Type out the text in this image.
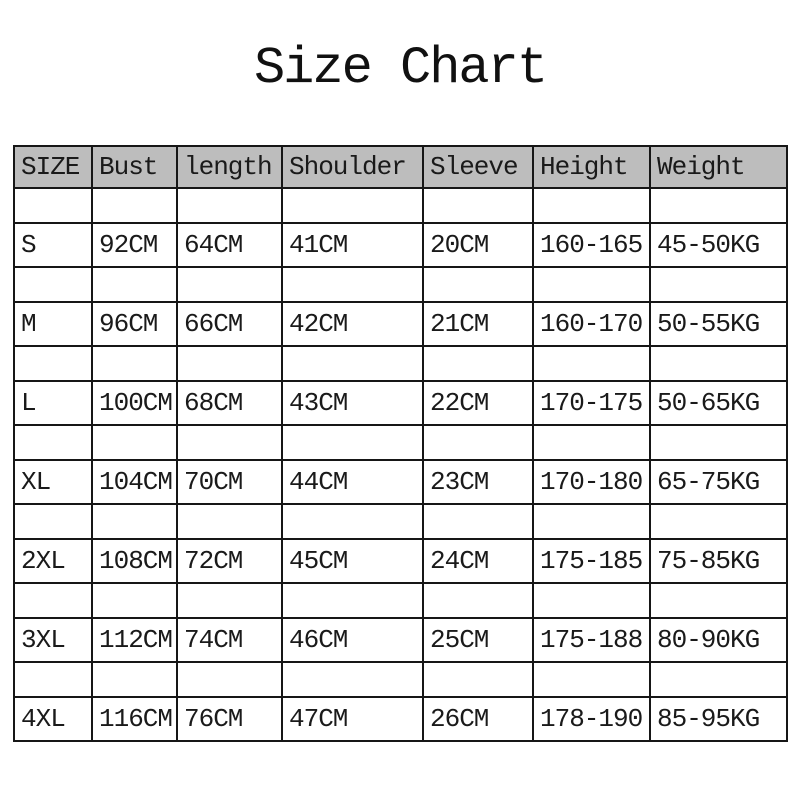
Size Chart
SIZE	Bust	length	Shoulder	Sleeve	Height	Weight

S	92CM	64CM	41CM	20CM	160-165	45-50KG

M	96CM	66CM	42CM	21CM	160-170	50-55KG

L	100CM	68CM	43CM	22CM	170-175	50-65KG

XL	104CM	70CM	44CM	23CM	170-180	65-75KG

2XL	108CM	72CM	45CM	24CM	175-185	75-85KG

3XL	112CM	74CM	46CM	25CM	175-188	80-90KG

4XL	116CM	76CM	47CM	26CM	178-190	85-95KG
